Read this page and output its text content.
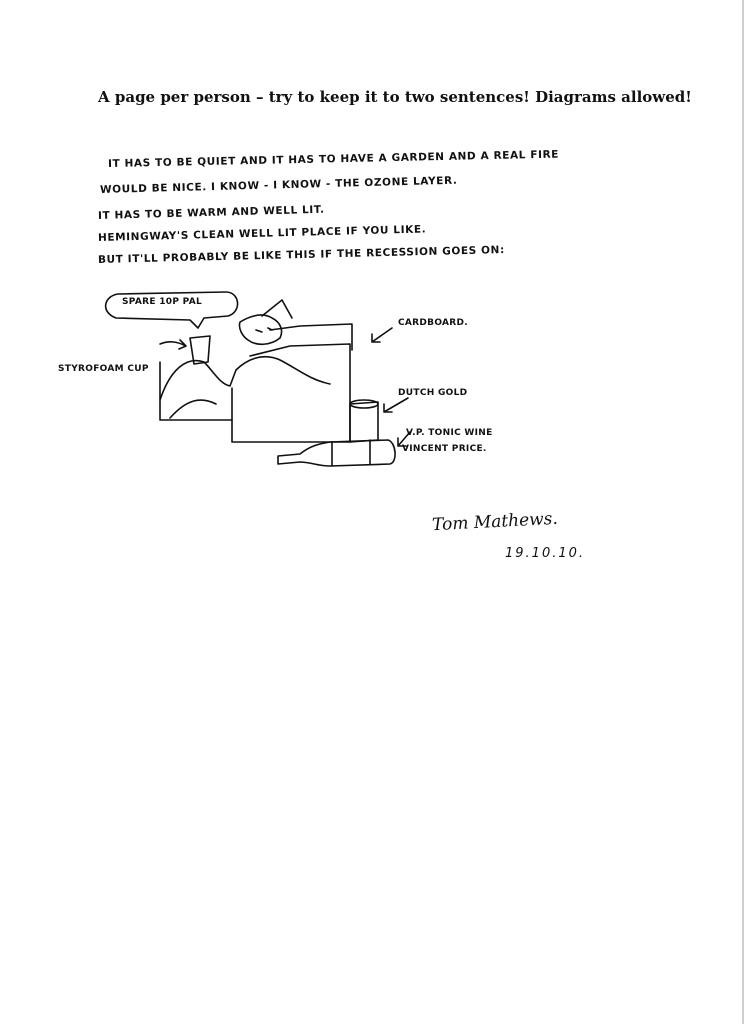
A page per person – try to keep it to two sentences! Diagrams allowed!
IT HAS TO BE QUIET AND IT HAS TO HAVE A GARDEN AND A REAL FIRE
WOULD BE NICE. I KNOW - I KNOW - THE OZONE LAYER.
IT HAS TO BE WARM AND WELL LIT.
HEMINGWAY'S CLEAN WELL LIT PLACE IF YOU LIKE.
BUT IT'LL PROBABLY BE LIKE THIS IF THE RECESSION GOES ON:
SPARE 10P PAL
STYROFOAM CUP
CARDBOARD.
DUTCH GOLD
V.P. TONIC WINE
VINCENT PRICE.
Tom Mathews.
19.10.10.
